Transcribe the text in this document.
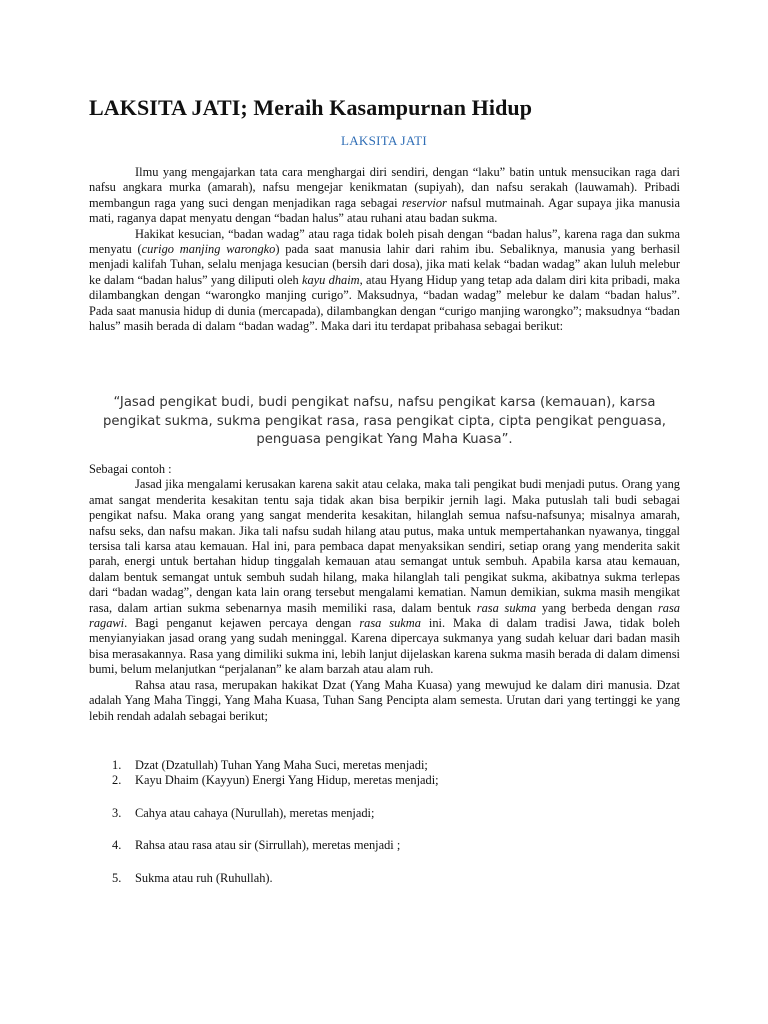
LAKSITA JATI; Meraih Kasampurnan Hidup
LAKSITA JATI

Ilmu yang mengajarkan tata cara menghargai diri sendiri, dengan “laku” batin untuk mensucikan raga dari nafsu angkara murka (amarah), nafsu mengejar kenikmatan (supiyah), dan nafsu serakah (lauwamah). Pribadi membangun raga yang suci dengan menjadikan raga sebagai reservior nafsul mutmainah. Agar supaya jika manusia mati, raganya dapat menyatu dengan “badan halus” atau ruhani atau badan sukma.

Hakikat kesucian, “badan wadag” atau raga tidak boleh pisah dengan “badan halus”, karena raga dan sukma menyatu (curigo manjing warongko) pada saat manusia lahir dari rahim ibu. Sebaliknya, manusia yang berhasil menjadi kalifah Tuhan, selalu menjaga kesucian (bersih dari dosa), jika mati kelak “badan wadag” akan luluh melebur ke dalam “badan halus” yang diliputi oleh kayu dhaim, atau Hyang Hidup yang tetap ada dalam diri kita pribadi, maka dilambangkan dengan “warongko manjing curigo”. Maksudnya, “badan wadag” melebur ke dalam “badan halus”. Pada saat manusia hidup di dunia (mercapada), dilambangkan dengan “curigo manjing warongko”; maksudnya “badan halus” masih berada di dalam “badan wadag”. Maka dari itu terdapat pribahasa sebagai berikut:

“Jasad pengikat budi, budi pengikat nafsu, nafsu pengikat karsa (kemauan), karsa pengikat sukma, sukma pengikat rasa, rasa pengikat cipta, cipta pengikat penguasa, penguasa pengikat Yang Maha Kuasa”.

Sebagai contoh :

Jasad jika mengalami kerusakan karena sakit atau celaka, maka tali pengikat budi menjadi putus. Orang yang amat sangat menderita kesakitan tentu saja tidak akan bisa berpikir jernih lagi. Maka putuslah tali budi sebagai pengikat nafsu. Maka orang yang sangat menderita kesakitan, hilanglah semua nafsu-nafsunya; misalnya amarah, nafsu seks, dan nafsu makan. Jika tali nafsu sudah hilang atau putus, maka untuk mempertahankan nyawanya, tinggal tersisa tali karsa atau kemauan. Hal ini, para pembaca dapat menyaksikan sendiri, setiap orang yang menderita sakit parah, energi untuk bertahan hidup tinggalah kemauan atau semangat untuk sembuh. Apabila karsa atau kemauan, dalam bentuk semangat untuk sembuh sudah hilang, maka hilanglah tali pengikat sukma, akibatnya sukma terlepas dari “badan wadag”, dengan kata lain orang tersebut mengalami kematian. Namun demikian, sukma masih mengikat rasa, dalam artian sukma sebenarnya masih memiliki rasa, dalam bentuk rasa sukma yang berbeda dengan rasa ragawi. Bagi penganut kejawen percaya dengan rasa sukma ini. Maka di dalam tradisi Jawa, tidak boleh menyianyiakan jasad orang yang sudah meninggal. Karena dipercaya sukmanya yang sudah keluar dari badan masih bisa merasakannya. Rasa yang dimiliki sukma ini, lebih lanjut dijelaskan karena sukma masih berada di dalam dimensi bumi, belum melanjutkan “perjalanan” ke alam barzah atau alam ruh.

Rahsa atau rasa, merupakan hakikat Dzat (Yang Maha Kuasa) yang mewujud ke dalam diri manusia. Dzat adalah Yang Maha Tinggi, Yang Maha Kuasa, Tuhan Sang Pencipta alam semesta. Urutan dari yang tertinggi ke yang lebih rendah adalah sebagai berikut;

1. Dzat (Dzatullah) Tuhan Yang Maha Suci, meretas menjadi;
2. Kayu Dhaim (Kayyun) Energi Yang Hidup, meretas menjadi;
3. Cahya atau cahaya (Nurullah), meretas menjadi;
4. Rahsa atau rasa atau sir (Sirrullah), meretas menjadi ;
5. Sukma atau ruh (Ruhullah).
